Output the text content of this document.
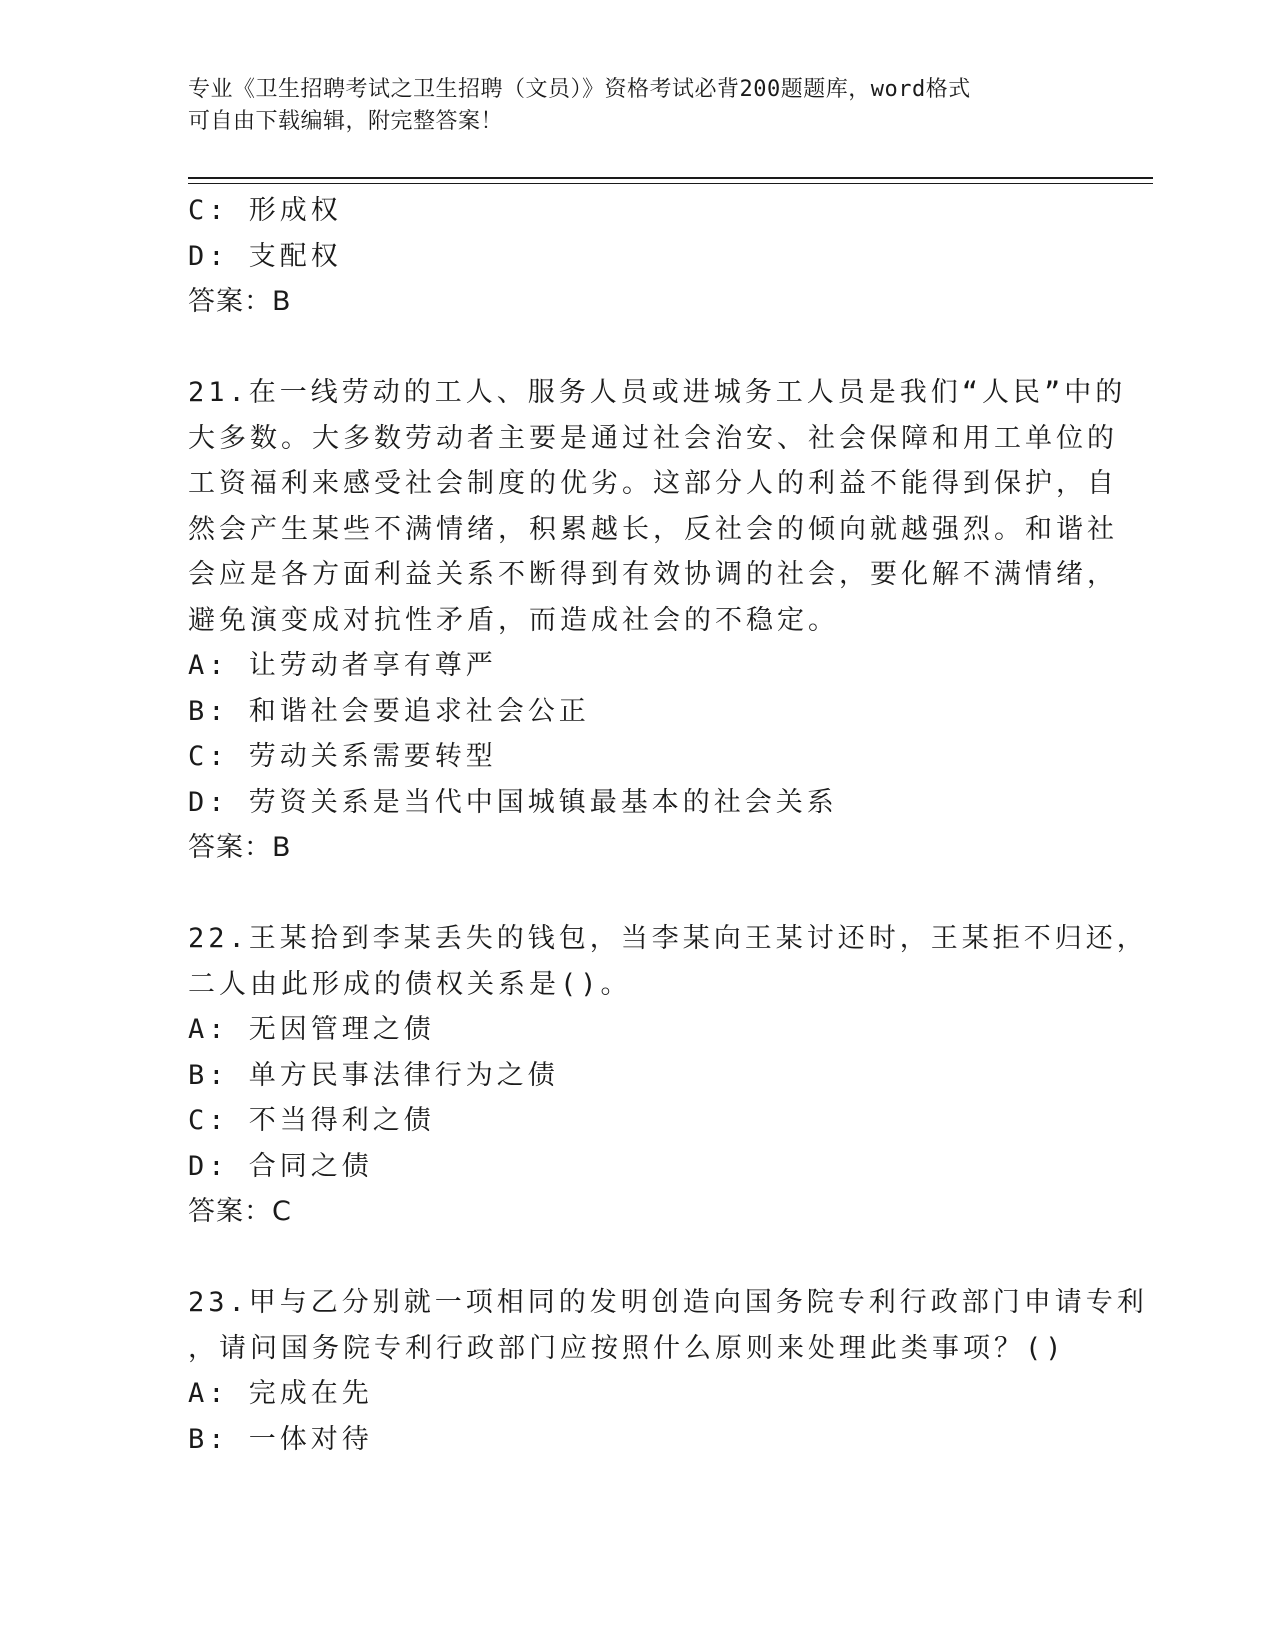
专业《卫生招聘考试之卫生招聘（文员）》资格考试必背200题题库，word格式
可自由下载编辑，附完整答案！
C: 形成权
D: 支配权
答案：B
21.在一线劳动的工人、服务人员或进城务工人员是我们“人民”中的
大多数。大多数劳动者主要是通过社会治安、社会保障和用工单位的
工资福利来感受社会制度的优劣。这部分人的利益不能得到保护，自
然会产生某些不满情绪，积累越长，反社会的倾向就越强烈。和谐社
会应是各方面利益关系不断得到有效协调的社会，要化解不满情绪，
避免演变成对抗性矛盾，而造成社会的不稳定。
A: 让劳动者享有尊严
B: 和谐社会要追求社会公正
C: 劳动关系需要转型
D: 劳资关系是当代中国城镇最基本的社会关系
答案：B
22.王某拾到李某丢失的钱包，当李某向王某讨还时，王某拒不归还，
二人由此形成的债权关系是()。
A: 无因管理之债
B: 单方民事法律行为之债
C: 不当得利之债
D: 合同之债
答案：C
23.甲与乙分别就一项相同的发明创造向国务院专利行政部门申请专利
，请问国务院专利行政部门应按照什么原则来处理此类事项？()
A: 完成在先
B: 一体对待
